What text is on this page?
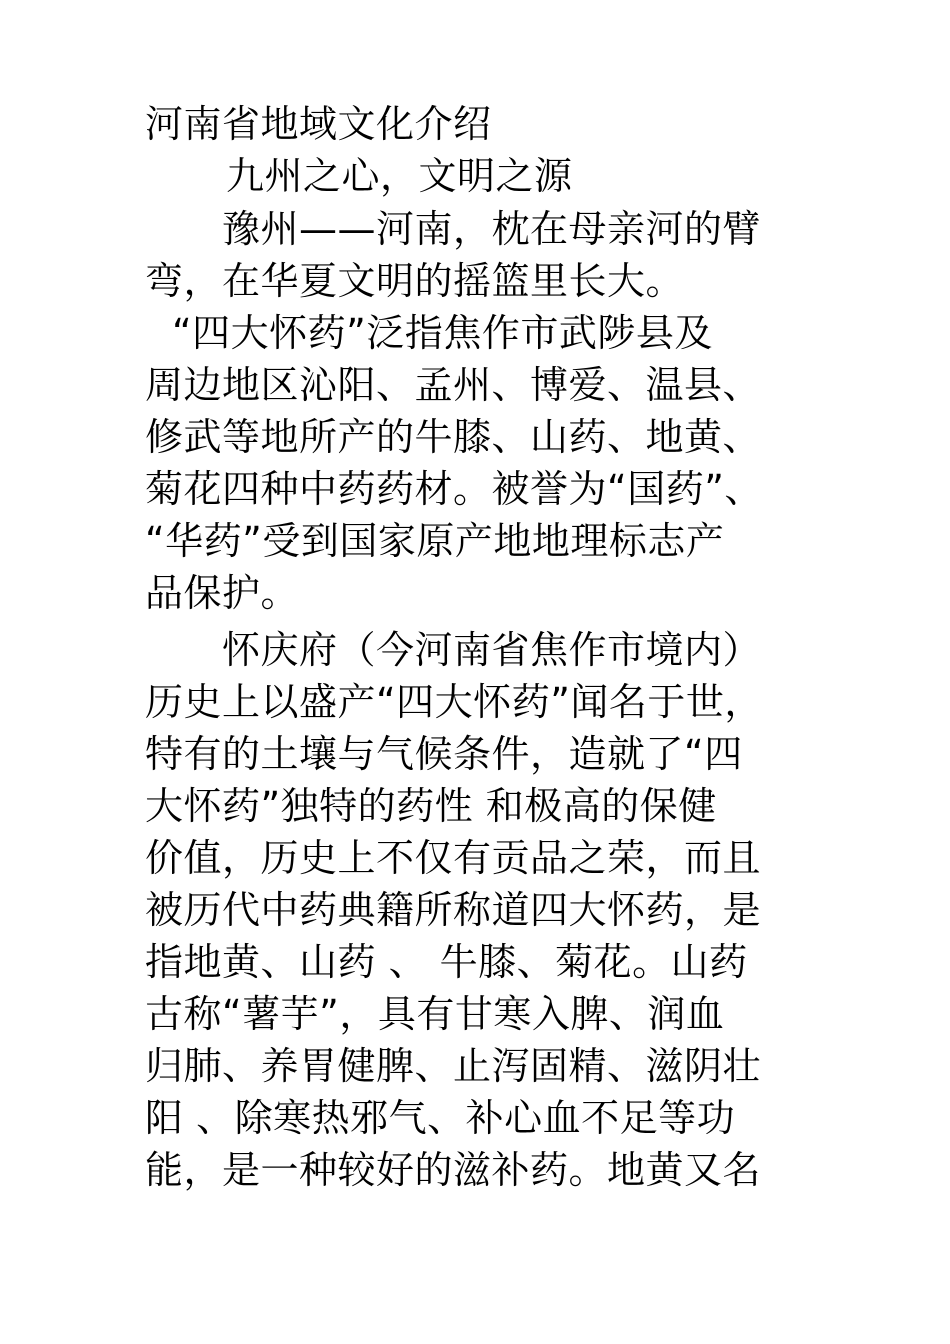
河南省地域文化介绍
九州之心，文明之源
豫州——河南，枕在母亲河的臂
弯，在华夏文明的摇篮里长大。
“四大怀药”泛指焦作市武陟县及
周边地区沁阳、孟州、博爱、温县、
修武等地所产的牛膝、山药、地黄、
菊花四种中药药材。被誉为“国药”、
“华药”受到国家原产地地理标志产
品保护。
怀庆府（今河南省焦作市境内）
历史上以盛产“四大怀药”闻名于世，
特有的土壤与气候条件，造就了“四
大怀药”独特的药性 和极高的保健
价值，历史上不仅有贡品之荣，而且
被历代中药典籍所称道四大怀药，是
指地黄、山药 、 牛膝、菊花。山药
古称“薯芋”，具有甘寒入脾、润血
归肺、养胃健脾、止泻固精、滋阴壮
阳 、除寒热邪气、补心血不足等功
能，是一种较好的滋补药。地黄又名
